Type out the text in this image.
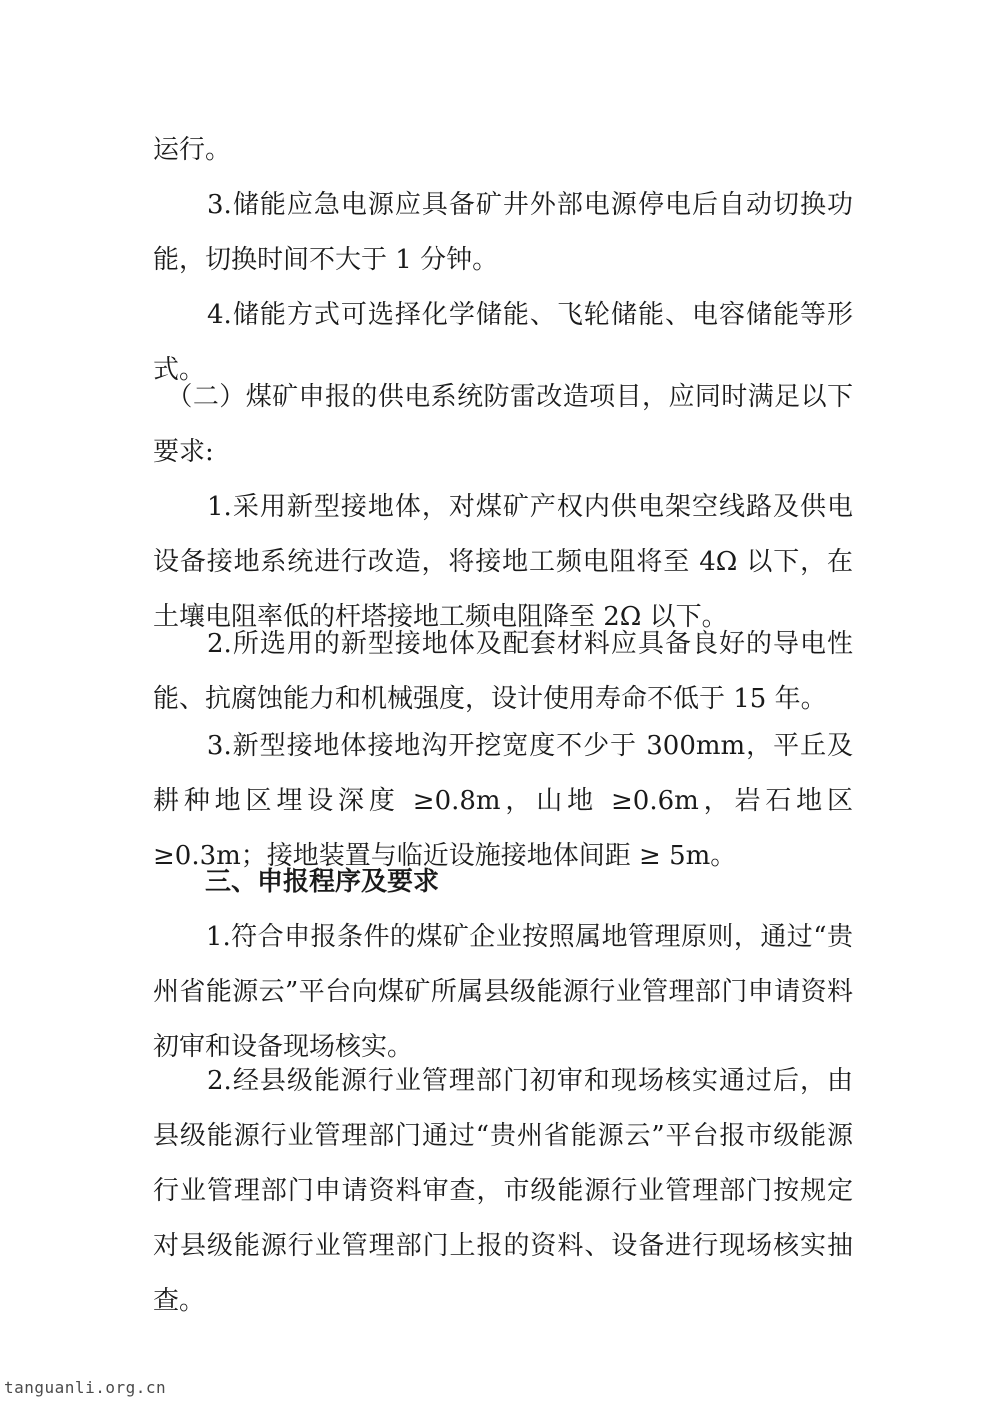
运行。

　　3.储能应急电源应具备矿井外部电源停电后自动切换功能，切换时间不大于 1 分钟。

　　4.储能方式可选择化学储能、飞轮储能、电容储能等形式。

　（二）煤矿申报的供电系统防雷改造项目，应同时满足以下要求:

　　1.采用新型接地体，对煤矿产权内供电架空线路及供电设备接地系统进行改造，将接地工频电阻将至 4Ω 以下，在土壤电阻率低的杆塔接地工频电阻降至 2Ω 以下。

　　2.所选用的新型接地体及配套材料应具备良好的导电性能、抗腐蚀能力和机械强度，设计使用寿命不低于 15 年。

　　3.新型接地体接地沟开挖宽度不少于 300mm，平丘及耕种地区埋设深度 ≥0.8m，山地 ≥0.6m，岩石地区 ≥0.3m；接地装置与临近设施接地体间距 ≥ 5m。

　　三、申报程序及要求

　　1.符合申报条件的煤矿企业按照属地管理原则，通过“贵州省能源云”平台向煤矿所属县级能源行业管理部门申请资料初审和设备现场核实。

　　2.经县级能源行业管理部门初审和现场核实通过后，由县级能源行业管理部门通过“贵州省能源云”平台报市级能源行业管理部门申请资料审查，市级能源行业管理部门按规定对县级能源行业管理部门上报的资料、设备进行现场核实抽查。

tanguanli.org.cn
